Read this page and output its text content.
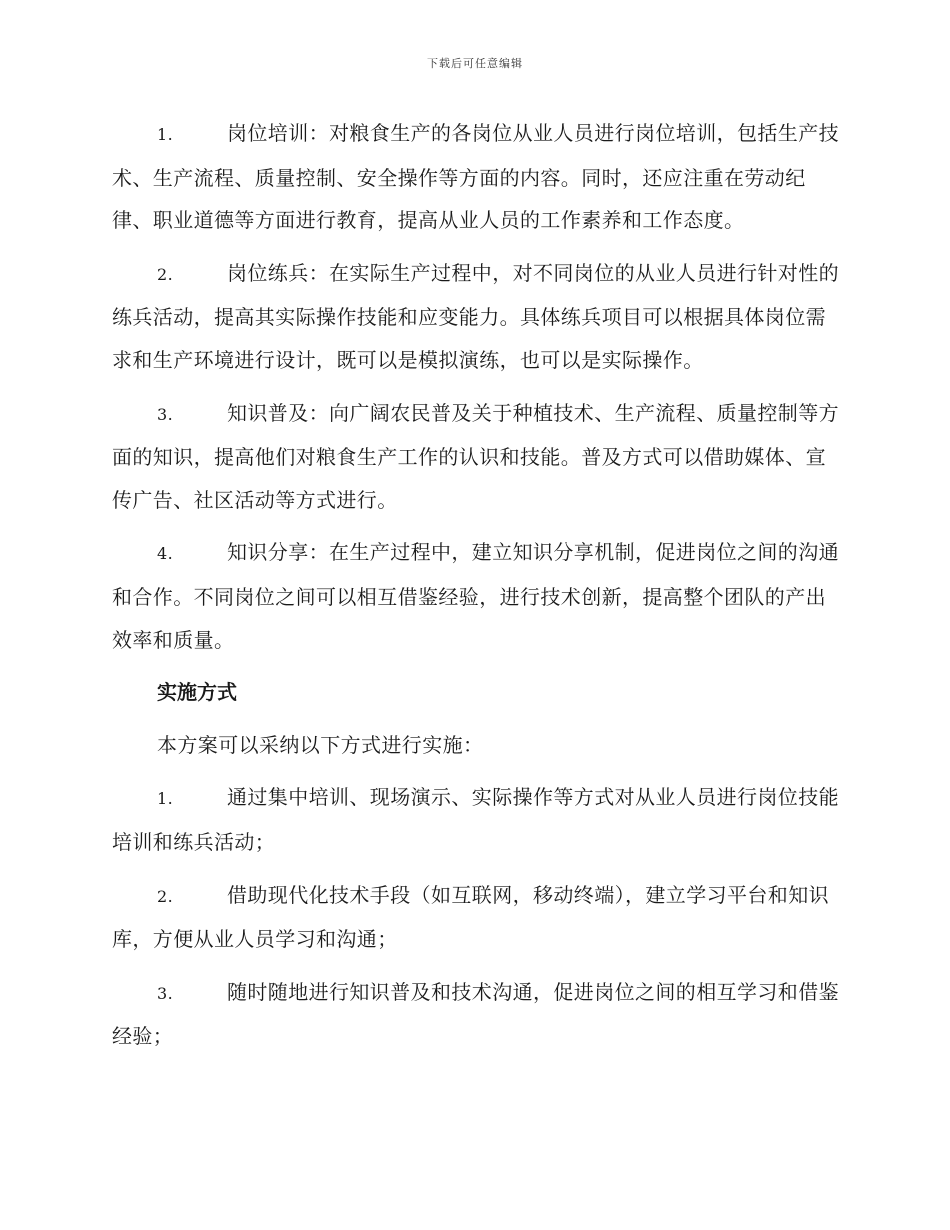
下载后可任意编辑

1.	岗位培训：对粮食生产的各岗位从业人员进行岗位培训，包括生产技术、生产流程、质量控制、安全操作等方面的内容。同时，还应注重在劳动纪律、职业道德等方面进行教育，提高从业人员的工作素养和工作态度。

2.	岗位练兵：在实际生产过程中，对不同岗位的从业人员进行针对性的练兵活动，提高其实际操作技能和应变能力。具体练兵项目可以根据具体岗位需求和生产环境进行设计，既可以是模拟演练，也可以是实际操作。

3.	知识普及：向广阔农民普及关于种植技术、生产流程、质量控制等方面的知识，提高他们对粮食生产工作的认识和技能。普及方式可以借助媒体、宣传广告、社区活动等方式进行。

4.	知识分享：在生产过程中，建立知识分享机制，促进岗位之间的沟通和合作。不同岗位之间可以相互借鉴经验，进行技术创新，提高整个团队的产出效率和质量。

实施方式

本方案可以采纳以下方式进行实施：

1.	通过集中培训、现场演示、实际操作等方式对从业人员进行岗位技能培训和练兵活动；

2.	借助现代化技术手段（如互联网，移动终端），建立学习平台和知识库，方便从业人员学习和沟通；

3.	随时随地进行知识普及和技术沟通，促进岗位之间的相互学习和借鉴经验；
